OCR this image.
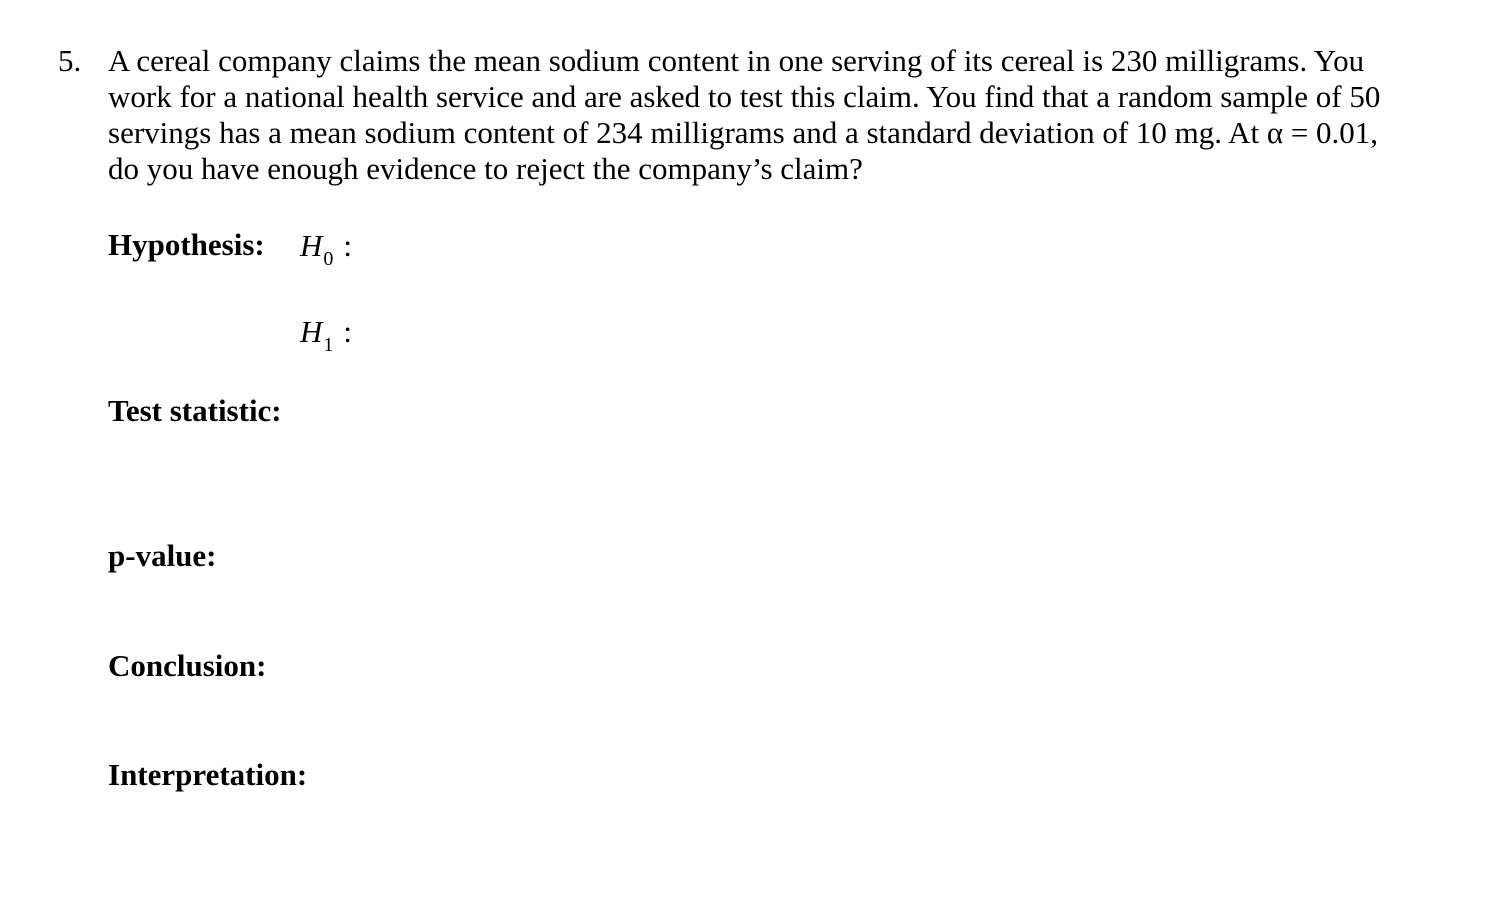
5. A cereal company claims the mean sodium content in one serving of its cereal is 230 milligrams. You
work for a national health service and are asked to test this claim. You find that a random sample of 50
servings has a mean sodium content of 234 milligrams and a standard deviation of 10 mg. At α = 0.01,
do you have enough evidence to reject the company’s claim?
Hypothesis: $H_0$ :
$H_1$ :
Test statistic:
p-value:
Conclusion:
Interpretation:
